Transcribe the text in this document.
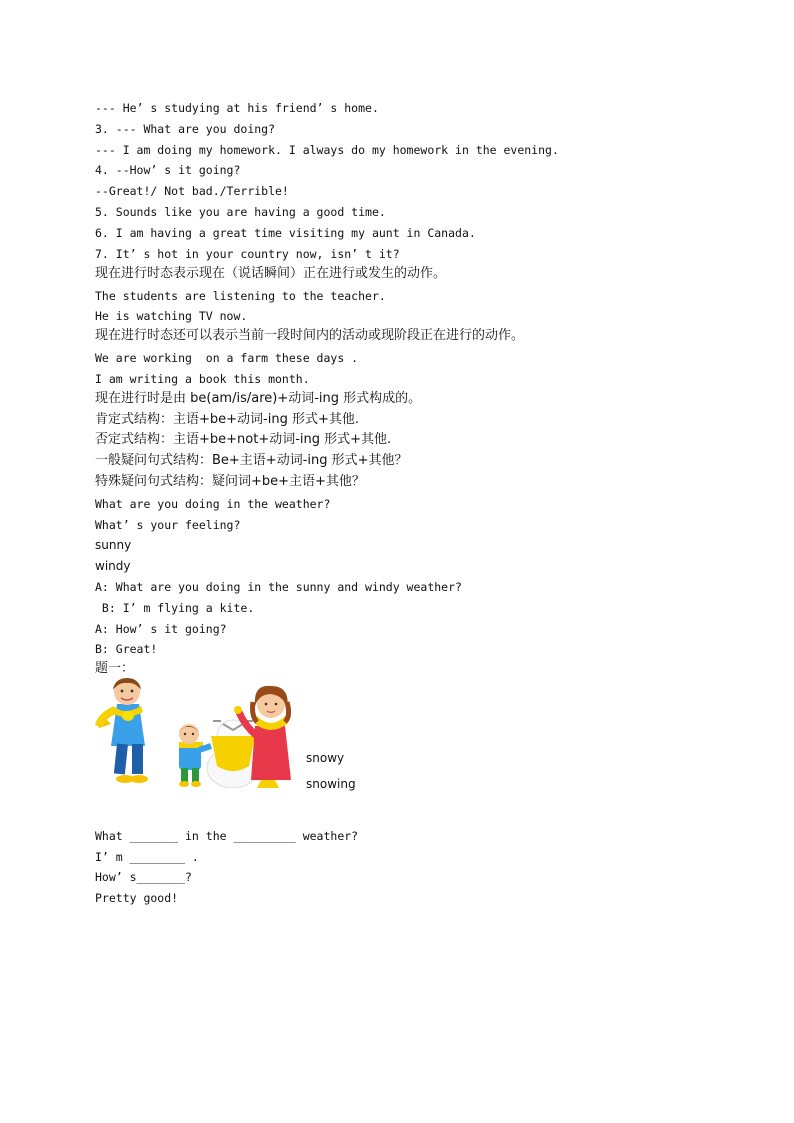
--- He’ s studying at his friend’ s home.

3. --- What are you doing?

--- I am doing my homework. I always do my homework in the evening.

4. --How’ s it going?

--Great!/ Not bad./Terrible!

5. Sounds like you are having a good time.

6. I am having a great time visiting my aunt in Canada.

7. It’ s hot in your country now, isn’ t it?

现在进行时态表示现在（说话瞬间）正在进行或发生的动作。

The students are listening to the teacher.

He is watching TV now.

现在进行时态还可以表示当前一段时间内的活动或现阶段正在进行的动作。

We are working  on a farm these days .

I am writing a book this month.

现在进行时是由 be(am/is/are)+动词-ing 形式构成的。

肯定式结构：主语+be+动词-ing 形式+其他.

否定式结构：主语+be+not+动词-ing 形式+其他.

一般疑问句式结构：Be+主语+动词-ing 形式+其他？

特殊疑问句式结构：疑问词+be+主语+其他？

What are you doing in the weather?

What’ s your feeling?

sunny

windy

A: What are you doing in the sunny and windy weather?

B: I’ m flying a kite.

A: How’ s it going?

B: Great!

题一：

snowy

snowing

What _______ in the _________ weather?

I’ m ________ .

How’ s_______?

Pretty good!
